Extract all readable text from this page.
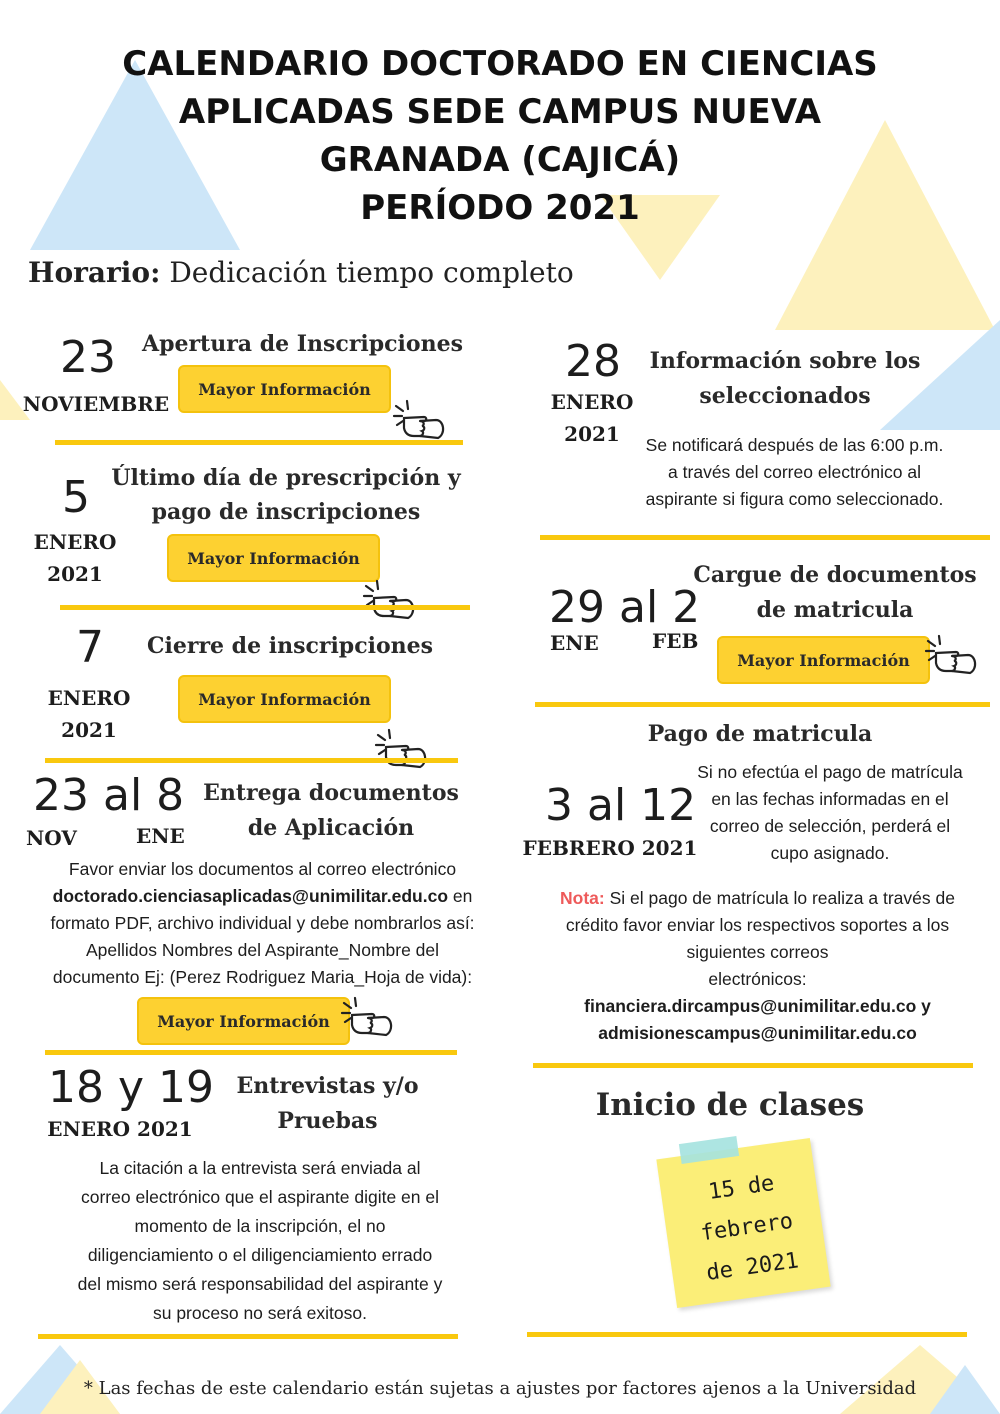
CALENDARIO DOCTORADO EN CIENCIAS
APLICADAS SEDE CAMPUS NUEVA
GRANADA (CAJICÁ)
PERÍODO 2021
Horario: Dedicación tiempo completo
23
NOVIEMBRE
Apertura de Inscripciones
Mayor Información
5
ENERO
2021
Último día de prescripción y
pago de inscripciones
Mayor Información
7
ENERO
2021
Cierre de inscripciones
Mayor Información
23 al 8
NOV	ENE
Entrega documentos
de Aplicación
Favor enviar los documentos al correo electrónico
doctorado.cienciasaplicadas@unimilitar.edu.co en
formato PDF, archivo individual y debe nombrarlos así:
Apellidos Nombres del Aspirante_Nombre del
documento Ej: (Perez Rodriguez Maria_Hoja de vida):
Mayor Información
18 y 19
ENERO 2021
Entrevistas y/o
Pruebas
La citación a la entrevista será enviada al
correo electrónico que el aspirante digite en el
momento de la inscripción, el no
diligenciamiento o el diligenciamiento errado
del mismo será responsabilidad del aspirante y
su proceso no será exitoso.
28
ENERO
2021
Información sobre los
seleccionados
Se notificará después de las 6:00 p.m.
a través del correo electrónico al
aspirante si figura como seleccionado.
29 al 2
ENE	FEB
Cargue de documentos
de matricula
Mayor Información
Pago de matricula
3 al 12
FEBRERO 2021
Si no efectúa el pago de matrícula
en las fechas informadas en el
correo de selección, perderá el
cupo asignado.
Nota: Si el pago de matrícula lo realiza a través de
crédito favor enviar los respectivos soportes a los
siguientes correos
electrónicos:
financiera.dircampus@unimilitar.edu.co y
admisionescampus@unimilitar.edu.co
Inicio de clases
15 de
febrero
de 2021
* Las fechas de este calendario están sujetas a ajustes por factores ajenos a la Universidad
